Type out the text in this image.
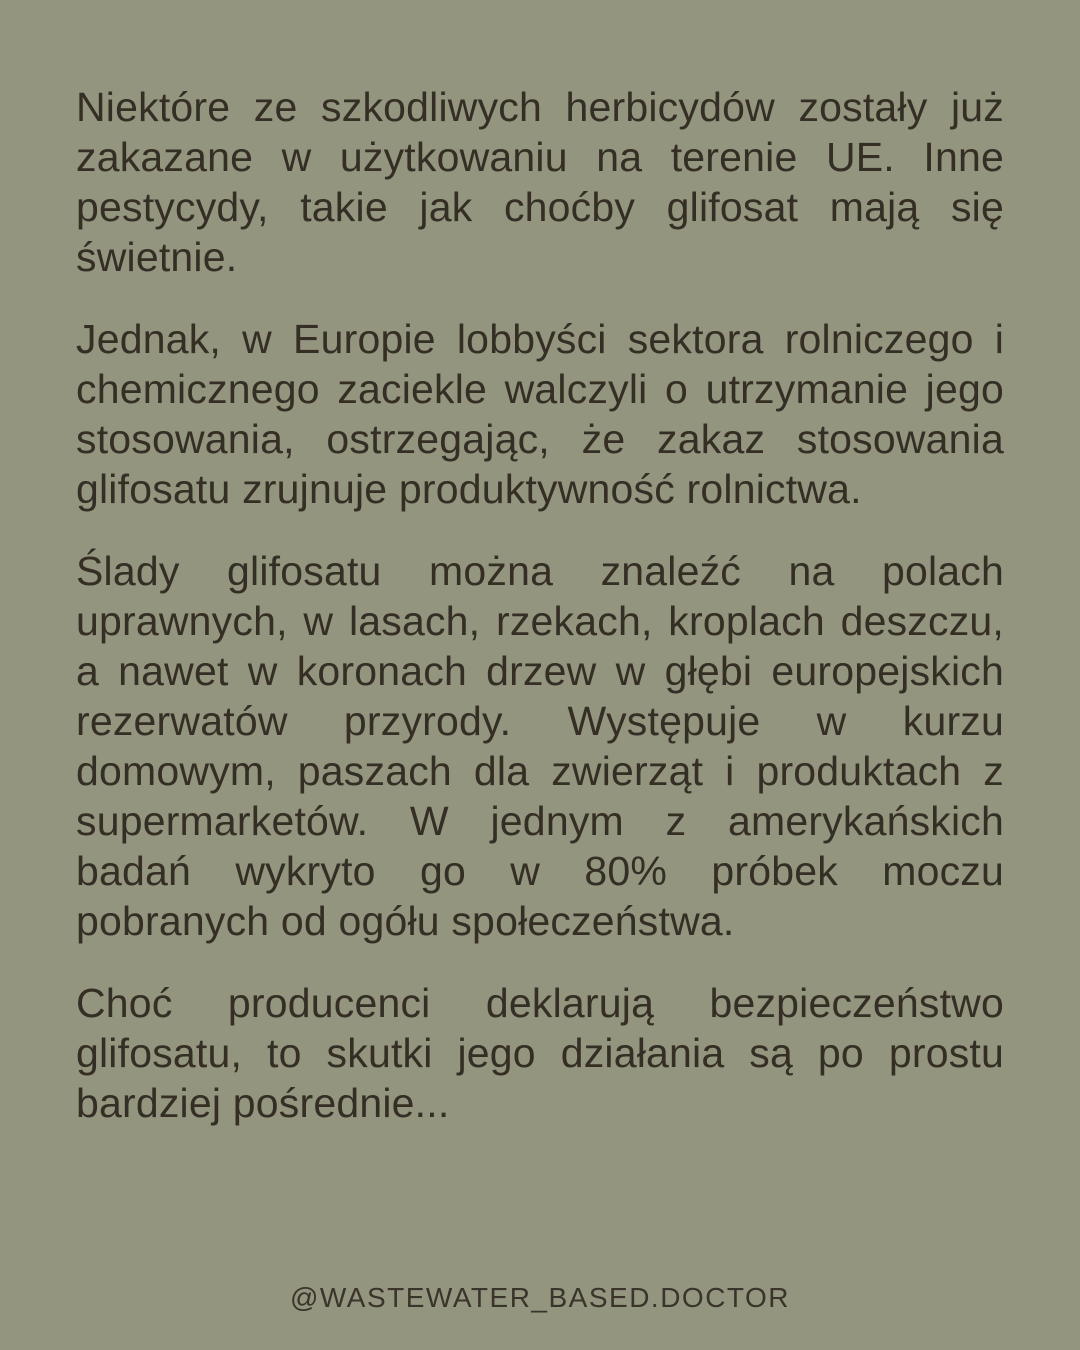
Niektóre ze szkodliwych herbicydów zostały już zakazane w użytkowaniu na terenie UE. Inne pestycydy, takie jak choćby glifosat mają się świetnie.

Jednak, w Europie lobbyści sektora rolniczego i chemicznego zaciekle walczyli o utrzymanie jego stosowania, ostrzegając, że zakaz stosowania glifosatu zrujnuje produktywność rolnictwa.

Ślady glifosatu można znaleźć na polach uprawnych, w lasach, rzekach, kroplach deszczu, a nawet w koronach drzew w głębi europejskich rezerwatów przyrody. Występuje w kurzu domowym, paszach dla zwierząt i produktach z supermarketów. W jednym z amerykańskich badań wykryto go w 80% próbek moczu pobranych od ogółu społeczeństwa.

Choć producenci deklarują bezpieczeństwo glifosatu, to skutki jego działania są po prostu bardziej pośrednie...

@WASTEWATER_BASED.DOCTOR
